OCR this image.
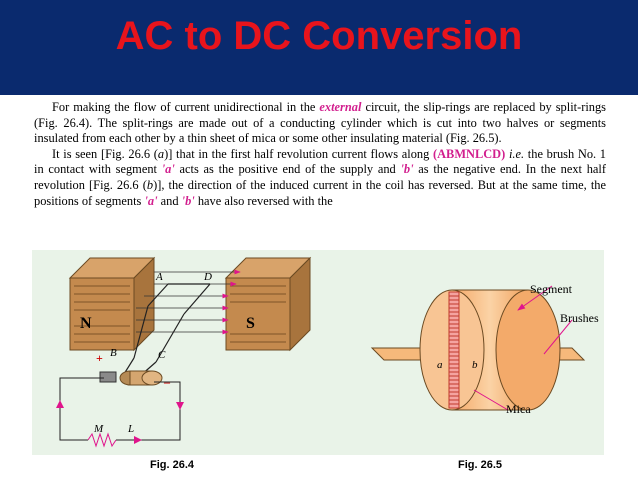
AC to DC Conversion

For making the flow of current unidirectional in the external circuit, the slip-rings are replaced by split-rings (Fig. 26.4). The split-rings are made out of a conducting cylinder which is cut into two halves or segments insulated from each other by a thin sheet of mica or some other insulating material (Fig. 26.5).

It is seen [Fig. 26.6 (a)] that in the first half revolution current flows along (ABMNLCD) i.e. the brush No. 1 in contact with segment 'a' acts as the positive end of the supply and 'b' as the negative end. In the next half revolution [Fig. 26.6 (b)], the direction of the induced current in the coil has reversed. But at the same time, the positions of segments 'a' and 'b' have also reversed with the

N	S
A	D
B	C
+
–
M L
a	b
Segment
Brushes
Mica
Fig. 26.4	Fig. 26.5
